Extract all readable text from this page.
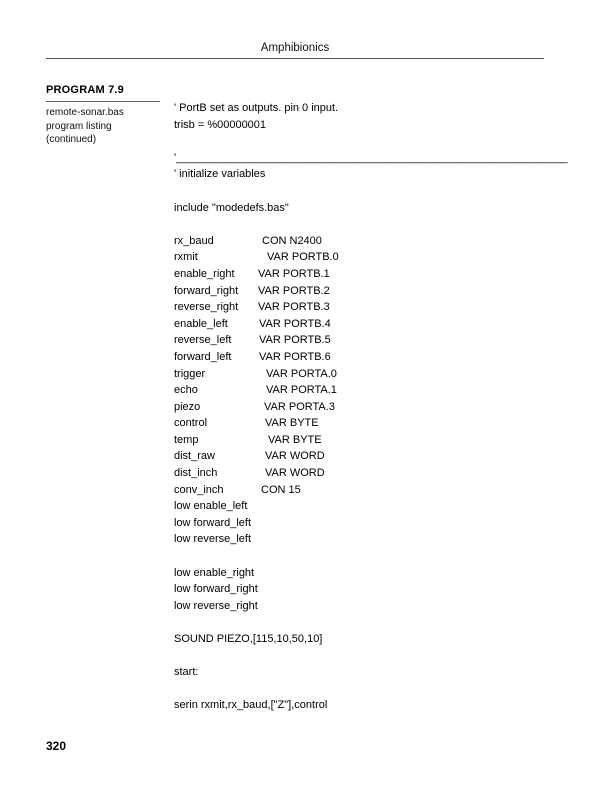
Amphibionics
PROGRAM 7.9
remote-sonar.bas
program listing
(continued)
' PortB set as outputs. pin 0 input.
trisb = %00000001
'________________________________________________________________
' initialize variables
include "modedefs.bas"
rx_baud	CON N2400
rxmit	VAR PORTB.0
enable_right VAR PORTB.1
forward_right VAR PORTB.2
reverse_right VAR PORTB.3
enable_left	VAR PORTB.4
reverse_left	VAR PORTB.5
forward_left	VAR PORTB.6
trigger	VAR PORTA.0
echo	VAR PORTA.1
piezo	VAR PORTA.3
control	VAR BYTE
temp	VAR BYTE
dist_raw	VAR WORD
dist_inch	VAR WORD
conv_inch	CON 15
low enable_left
low forward_left
low reverse_left
low enable_right
low forward_right
low reverse_right
SOUND PIEZO,[115,10,50,10]
start:
serin rxmit,rx_baud,["Z"],control
320
